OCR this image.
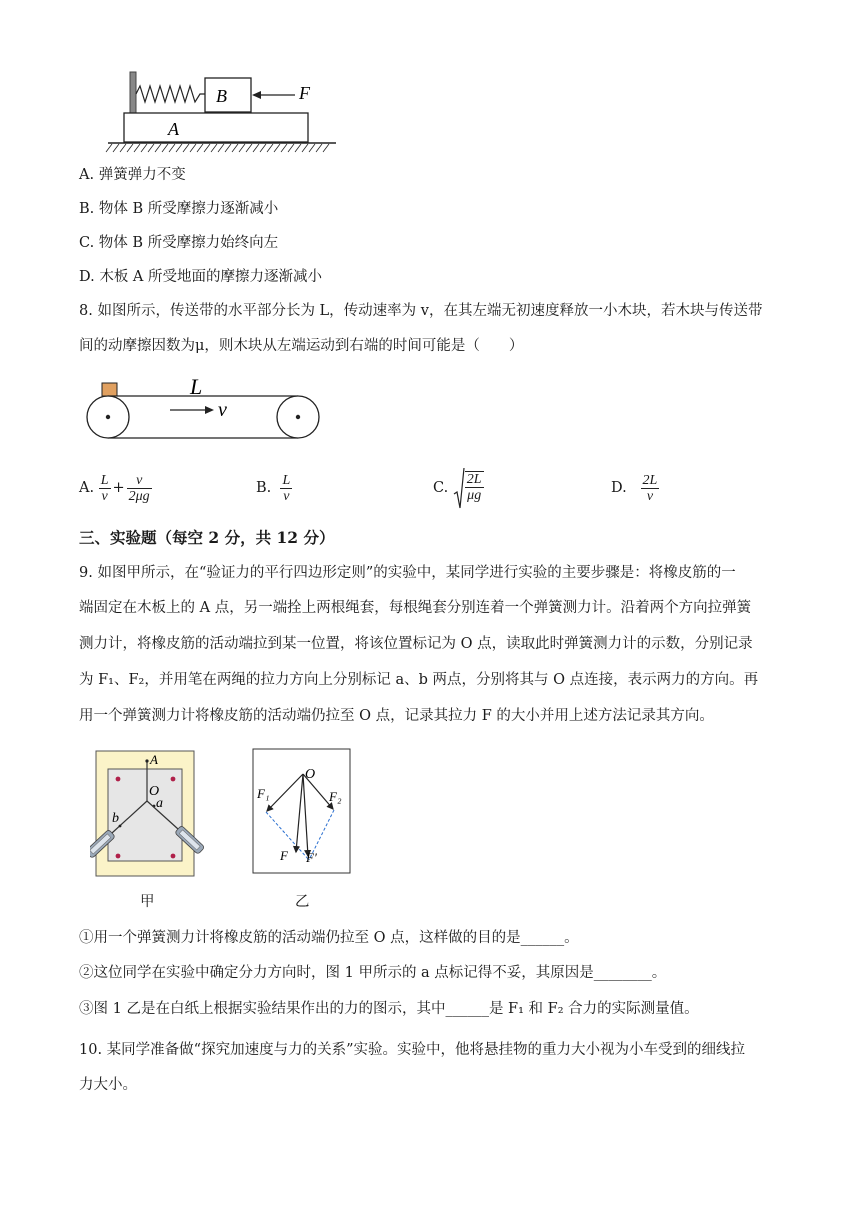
B	F
A
A. 弹簧弹力不变
B. 物体 B 所受摩擦力逐渐减小
C. 物体 B 所受摩擦力始终向左
D. 木板 A 所受地面的摩擦力逐渐减小
8. 如图所示，传送带的水平部分长为 L，传动速率为 v，在其左端无初速度释放一小木块，若木块与传送带
间的动摩擦因数为μ，则木块从左端运动到右端的时间可能是（　　）
L
v
A.
$\frac{L}{v} + \frac{v}{2\mu g}$	B.
$\frac{L}{v}$	C.
$\frac{2L}{\mu g}$	D.
$\frac{2L}{v}$
三、实验题（每空 2 分，共 12 分）
9. 如图甲所示，在“验证力的平行四边形定则”的实验中，某同学进行实验的主要步骤是：将橡皮筋的一
端固定在木板上的 A 点，另一端拴上两根绳套，每根绳套分别连着一个弹簧测力计。沿着两个方向拉弹簧
测力计，将橡皮筋的活动端拉到某一位置，将该位置标记为 O 点，读取此时弹簧测力计的示数，分别记录
为 F₁、F₂，并用笔在两绳的拉力方向上分别标记 a、b 两点，分别将其与 O 点连接，表示两力的方向。再
用一个弹簧测力计将橡皮筋的活动端仍拉至 O 点，记录其拉力 F 的大小并用上述方法记录其方向。
A
O
a
b
甲
O
F₁	F₂
F F′
乙
①用一个弹簧测力计将橡皮筋的活动端仍拉至 O 点，这样做的目的是______。
②这位同学在实验中确定分力方向时，图 1 甲所示的 a 点标记得不妥，其原因是________。
③图 1 乙是在白纸上根据实验结果作出的力的图示，其中______是 F₁ 和 F₂ 合力的实际测量值。
10. 某同学准备做“探究加速度与力的关系”实验。实验中，他将悬挂物的重力大小视为小车受到的细线拉
力大小。
